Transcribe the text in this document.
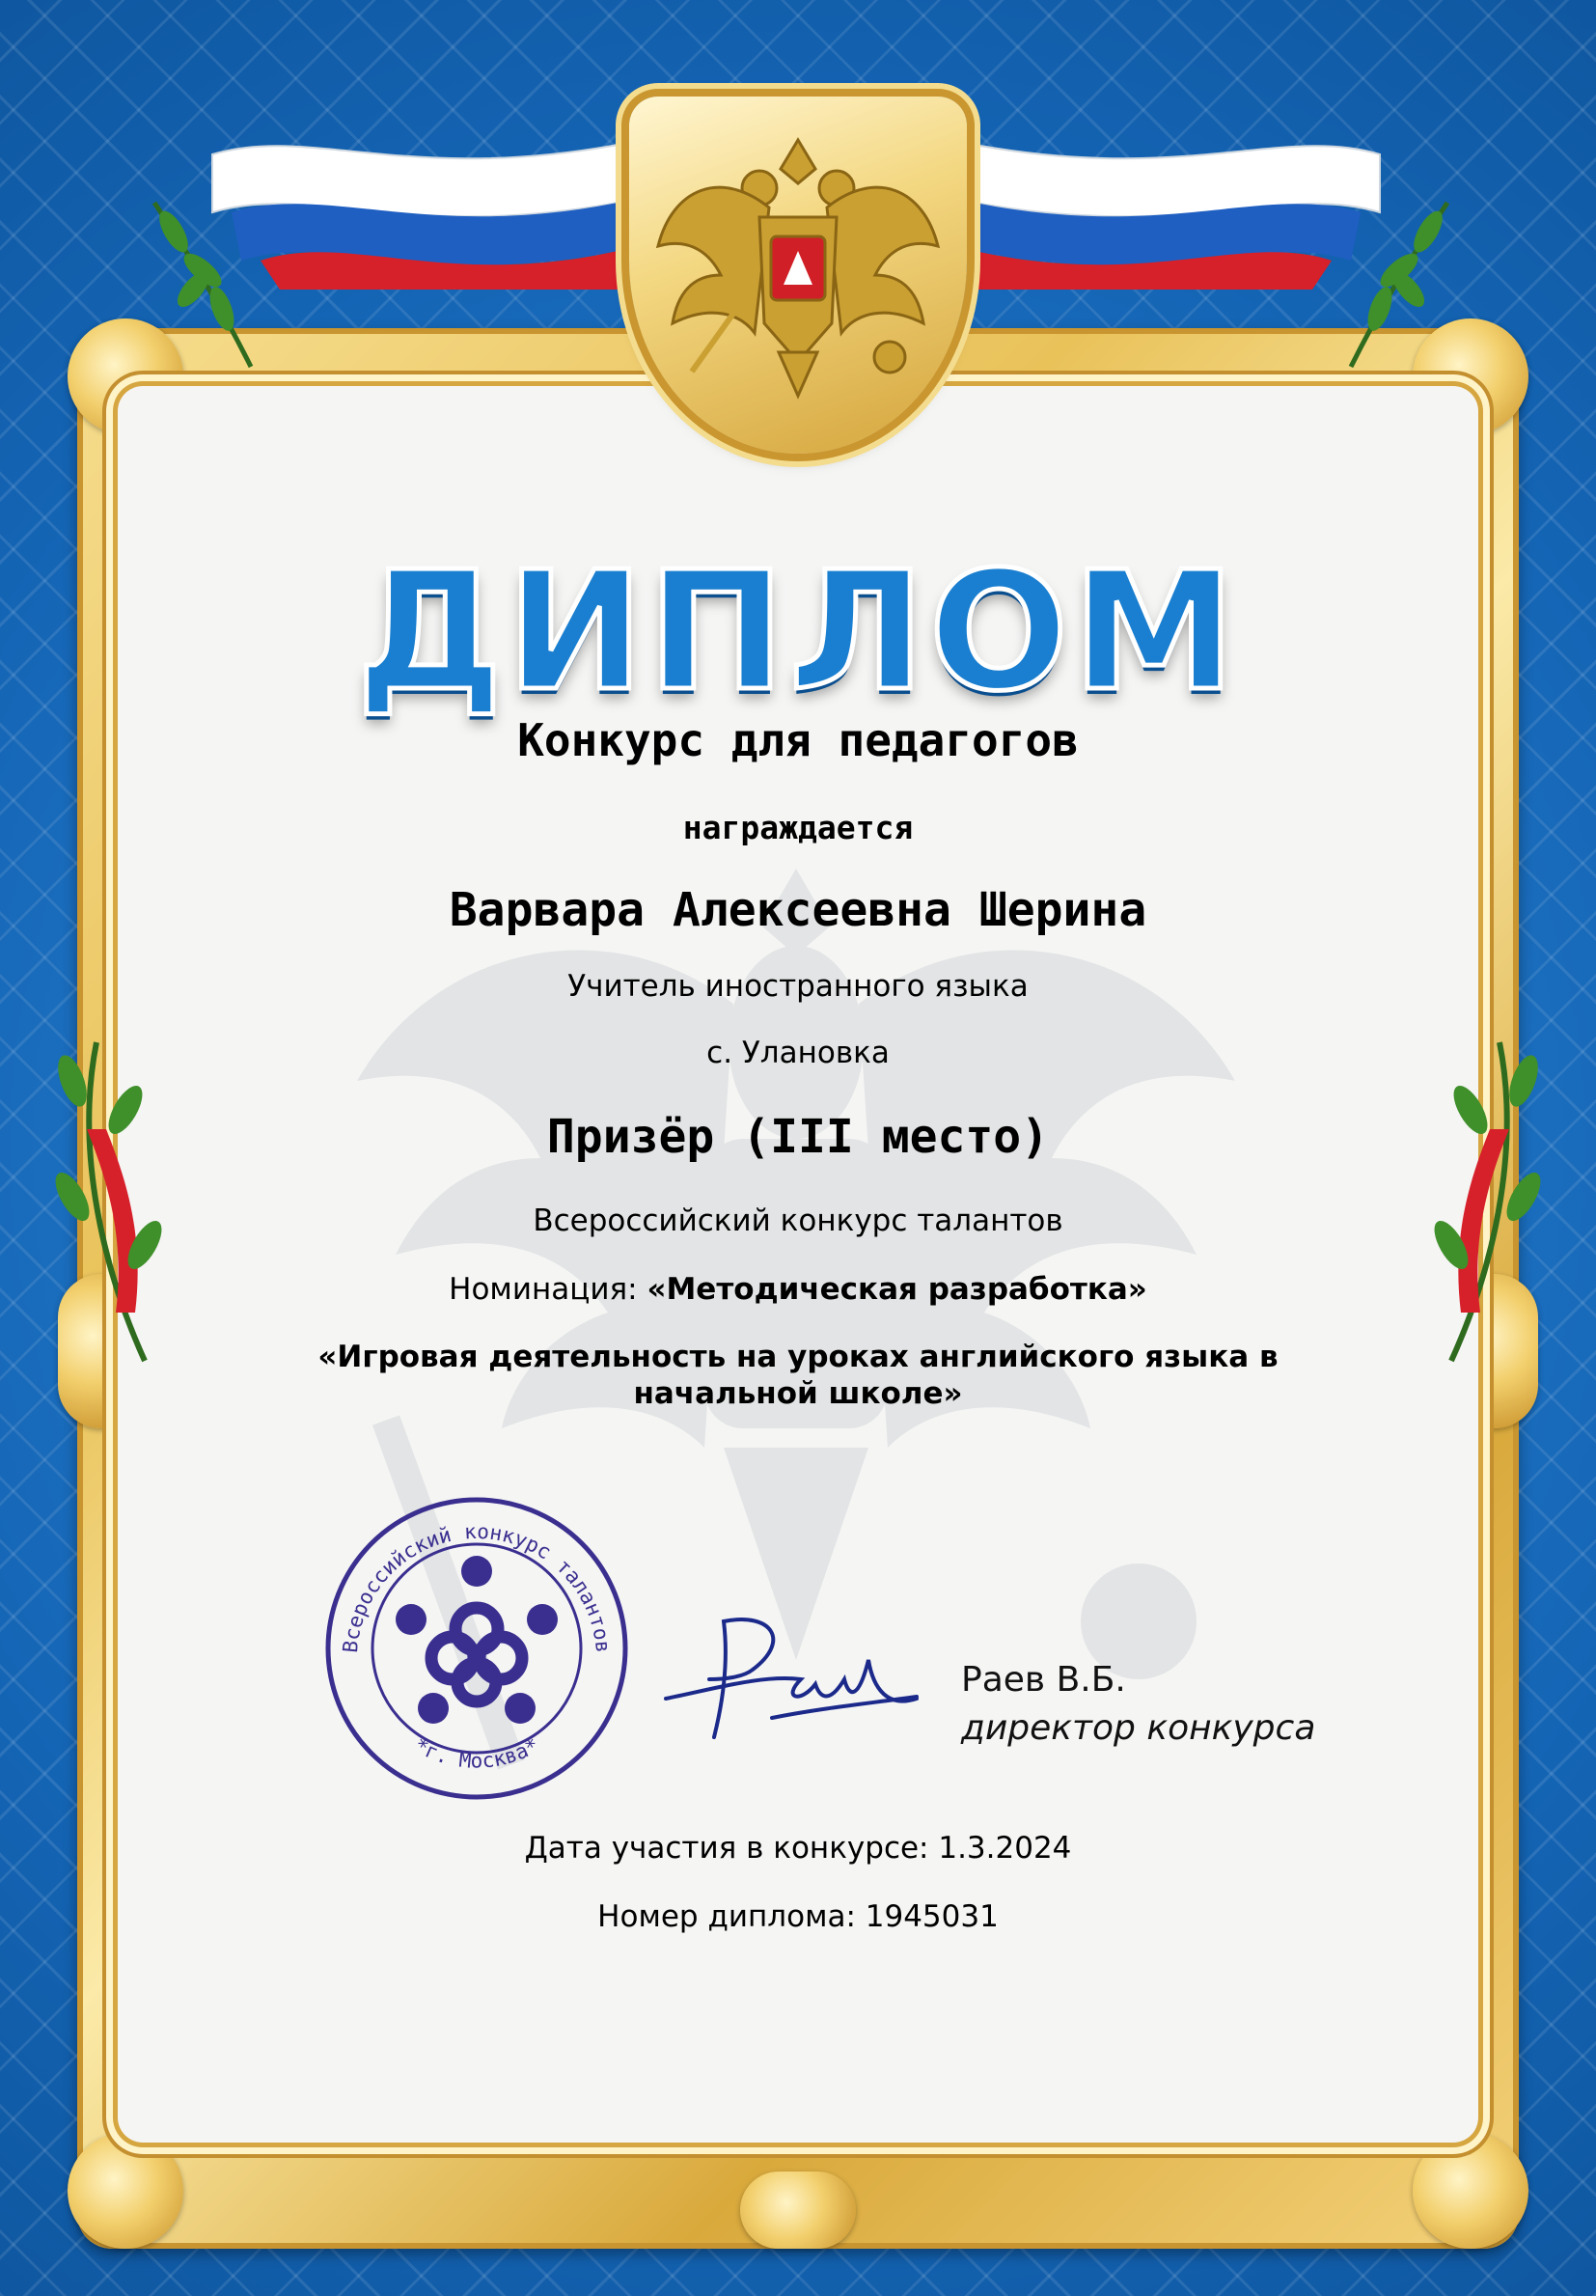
ДИПЛОМ
Конкурс для педагогов
награждается
Варвара Алексеевна Шерина
Учитель иностранного языка
с. Улановка
Призёр (III место)
Всероссийский конкурс талантов
Номинация: «Методическая разработка»
«Игровая деятельность на уроках английского языка в начальной школе»
Всероссийский конкурс талантов
*г. Москва*
Раев В.Б.
директор конкурса
Дата участия в конкурсе: 1.3.2024
Номер диплома: 1945031
